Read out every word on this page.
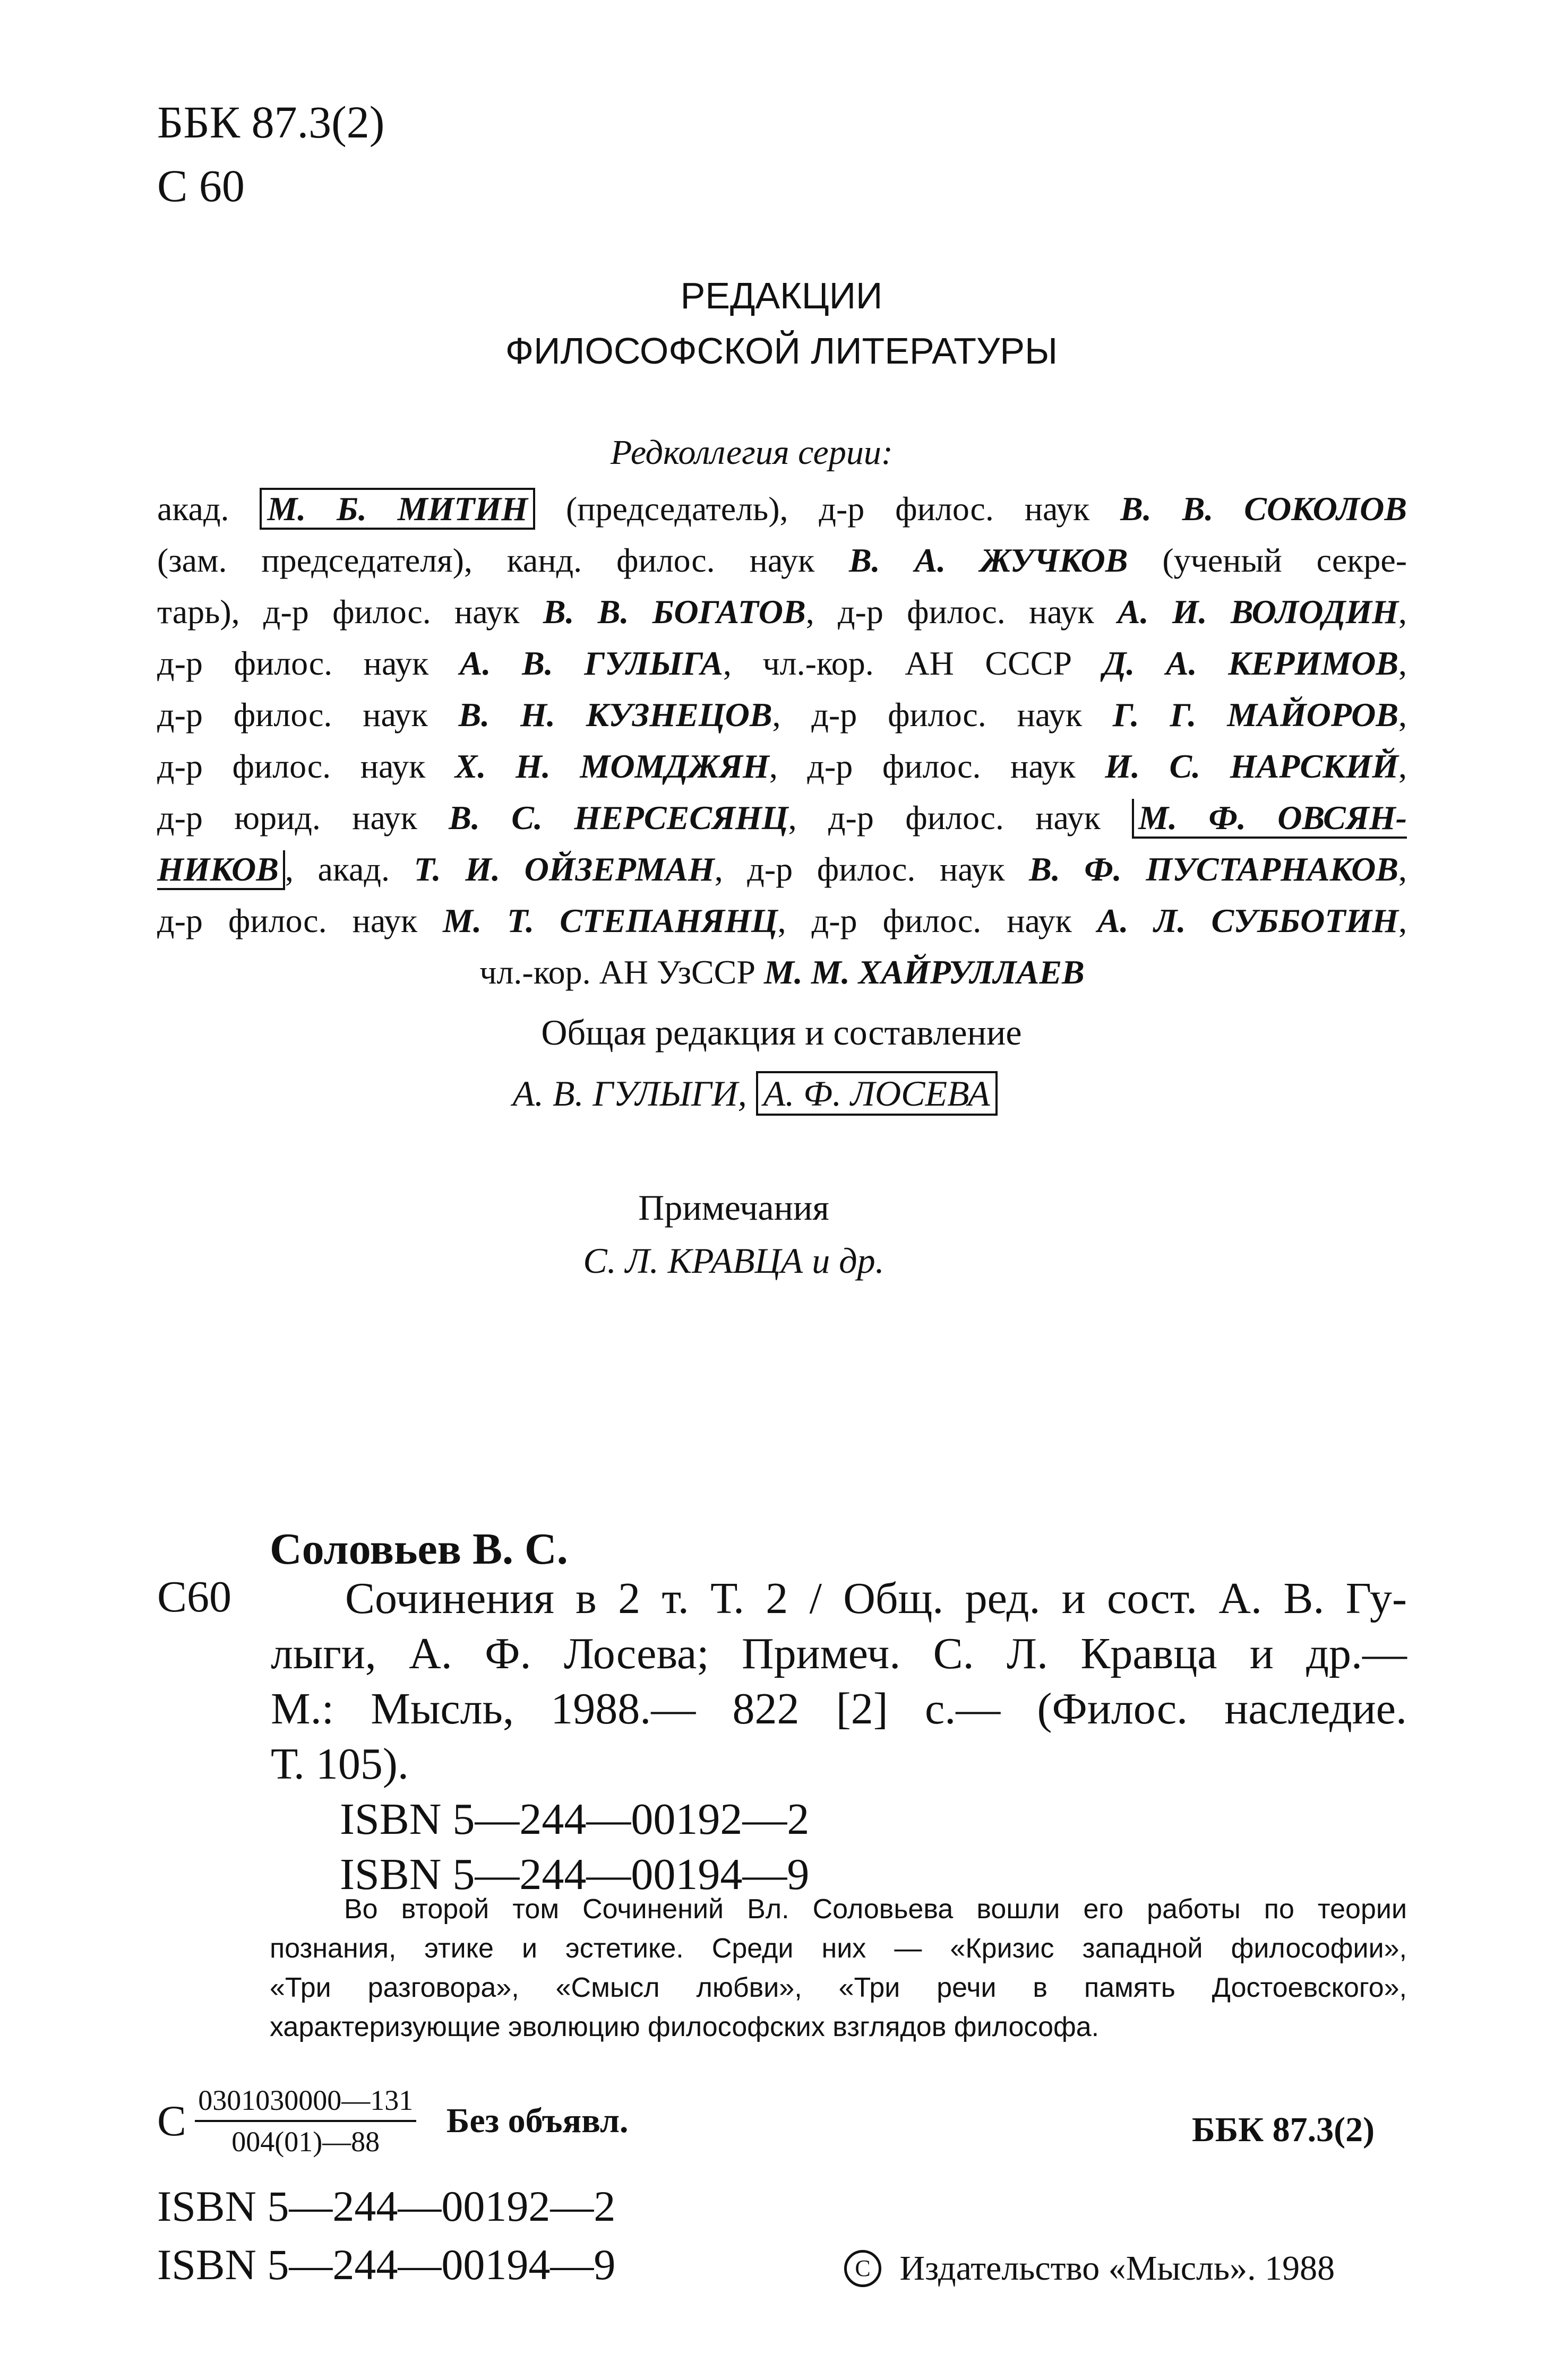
ББК 87.3(2)
С 60
РЕДАКЦИИ
ФИЛОСОФСКОЙ ЛИТЕРАТУРЫ
Редколлегия серии:
акад. М. Б. МИТИН (председатель), д-р филос. наук В. В. СОКОЛОВ
(зам. председателя), канд. филос. наук В. А. ЖУЧКОВ (ученый секре-
тарь), д-р филос. наук В. В. БОГАТОВ, д-р филос. наук А. И. ВОЛОДИН,
д-р филос. наук А. В. ГУЛЫГА, чл.-кор. АН СССР Д. А. КЕРИМОВ,
д-р филос. наук В. Н. КУЗНЕЦОВ, д-р филос. наук Г. Г. МАЙОРОВ,
д-р филос. наук Х. Н. МОМДЖЯН, д-р филос. наук И. С. НАРСКИЙ,
д-р юрид. наук В. С. НЕРСЕСЯНЦ, д-р филос. наук М. Ф. ОВСЯН-
НИКОВ , акад. Т. И. ОЙЗЕРМАН, д-р филос. наук В. Ф. ПУСТАРНАКОВ,
д-р филос. наук М. Т. СТЕПАНЯНЦ, д-р филос. наук А. Л. СУББОТИН,
чл.-кор. АН УзССР М. М. ХАЙРУЛЛАЕВ
Общая редакция и составление
А. В. ГУЛЫГИ, А. Ф. ЛОСЕВА
Примечания
С. Л. КРАВЦА и др.
Соловьев В. С.
С60	Сочинения в 2 т. Т. 2 / Общ. ред. и сост. А. В. Гу-
лыги, А. Ф. Лосева; Примеч. С. Л. Кравца и др.—
М.: Мысль, 1988.— 822 [2] с.— (Филос. наследие.
Т. 105).
ISBN 5—244—00192—2
ISBN 5—244—00194—9
Во второй том Сочинений Вл. Соловьева вошли его работы по теории
познания, этике и эстетике. Среди них — «Кризис западной философии»,
«Три разговора», «Смысл любви», «Три речи в память Достоевского»,
характеризующие эволюцию философских взглядов философа.
С $\frac{0301030000—131}{004(01)—88}$ Без объявл.	ББК 87.3(2)
ISBN 5—244—00192—2
ISBN 5—244—00194—9	C Издательство «Мысль». 1988
